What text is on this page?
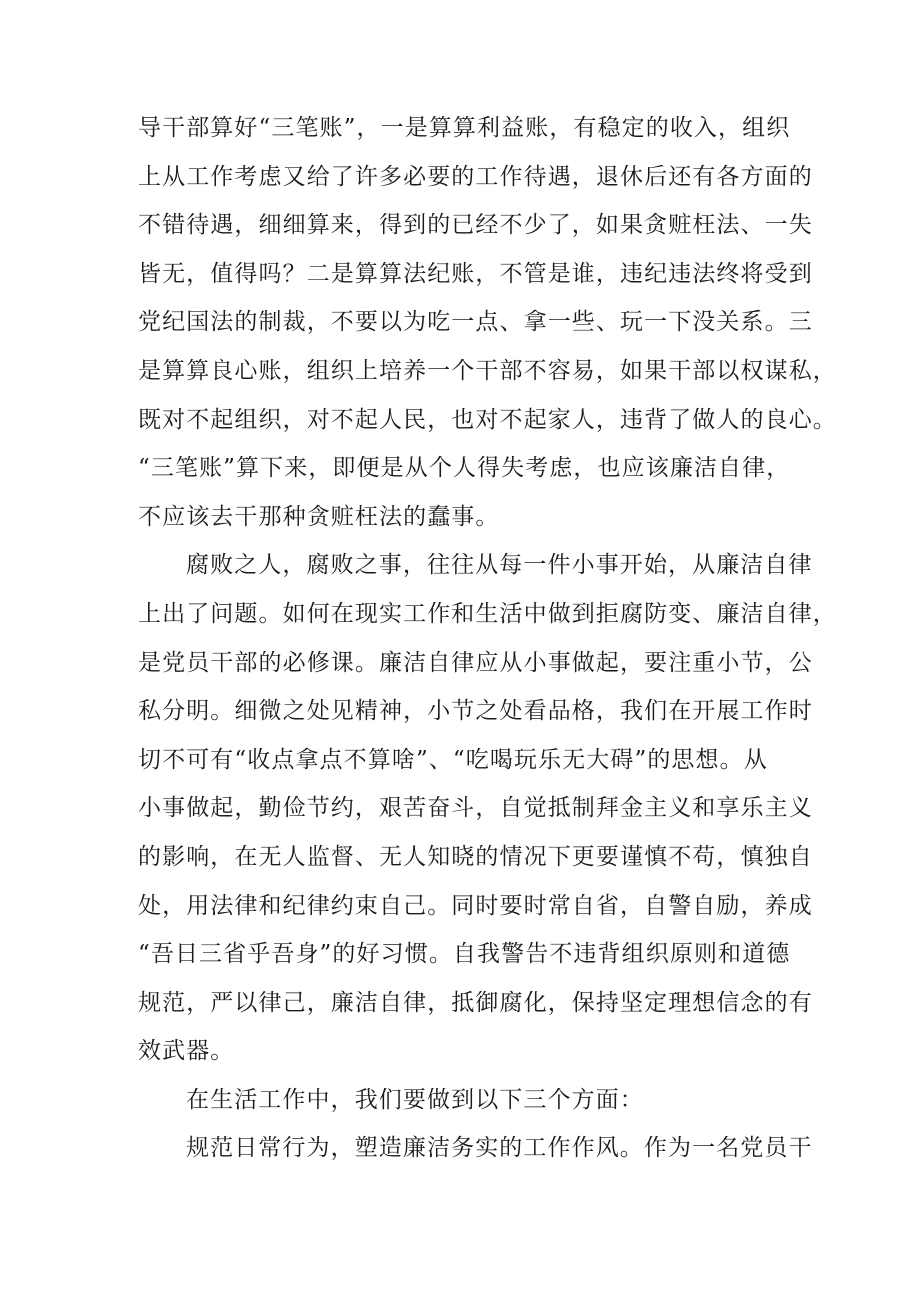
导干部算好“三笔账”，一是算算利益账，有稳定的收入，组织
上从工作考虑又给了许多必要的工作待遇，退休后还有各方面的
不错待遇，细细算来，得到的已经不少了，如果贪赃枉法、一失
皆无，值得吗？二是算算法纪账，不管是谁，违纪违法终将受到
党纪国法的制裁，不要以为吃一点、拿一些、玩一下没关系。三
是算算良心账，组织上培养一个干部不容易，如果干部以权谋私，
既对不起组织，对不起人民，也对不起家人，违背了做人的良心。
“三笔账”算下来，即便是从个人得失考虑，也应该廉洁自律，
不应该去干那种贪赃枉法的蠢事。
腐败之人，腐败之事，往往从每一件小事开始，从廉洁自律
上出了问题。如何在现实工作和生活中做到拒腐防变、廉洁自律，
是党员干部的必修课。廉洁自律应从小事做起，要注重小节，公
私分明。细微之处见精神，小节之处看品格，我们在开展工作时
切不可有“收点拿点不算啥”、“吃喝玩乐无大碍”的思想。从
小事做起，勤俭节约，艰苦奋斗，自觉抵制拜金主义和享乐主义
的影响，在无人监督、无人知晓的情况下更要谨慎不苟，慎独自
处，用法律和纪律约束自己。同时要时常自省，自警自励，养成
“吾日三省乎吾身”的好习惯。自我警告不违背组织原则和道德
规范，严以律己，廉洁自律，抵御腐化，保持坚定理想信念的有
效武器。
在生活工作中，我们要做到以下三个方面：
规范日常行为，塑造廉洁务实的工作作风。作为一名党员干
